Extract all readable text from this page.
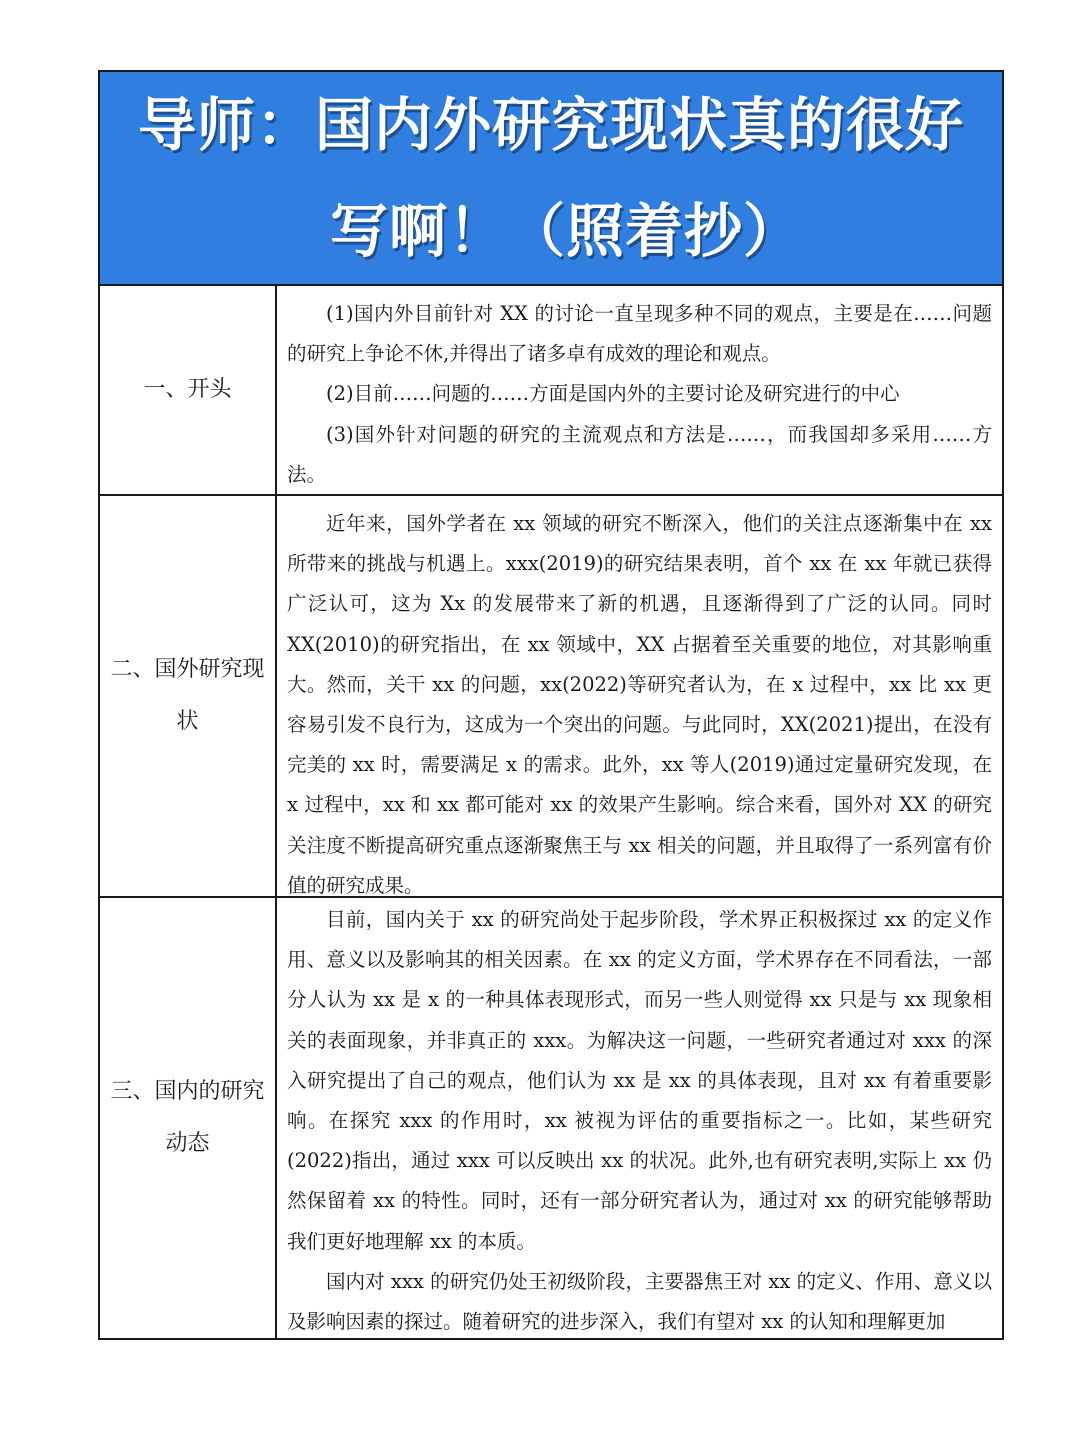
导师：国内外研究现状真的很好
写啊！（照着抄）
一、开头

(1)国内外目前针对 XX 的讨论一直呈现多种不同的观点，主要是在……问题的研究上争论不休,并得出了诸多卓有成效的理论和观点。

(2)目前……问题的……方面是国内外的主要讨论及研究进行的中心

(3)国外针对问题的研究的主流观点和方法是……，而我国却多采用……方法。

二、国外研究现状

近年来，国外学者在 xx 领域的研究不断深入，他们的关注点逐渐集中在 xx 所带来的挑战与机遇上。xxx(2019)的研究结果表明，首个 xx 在 xx 年就已获得广泛认可，这为 Xx 的发展带来了新的机遇，且逐渐得到了广泛的认同。同时 XX(2010)的研究指出，在 xx 领域中，XX 占据着至关重要的地位，对其影响重大。然而，关干 xx 的问题，xx(2022)等研究者认为，在 x 过程中，xx 比 xx 更容易引发不良行为，这成为一个突出的问题。与此同时，XX(2021)提出，在没有完美的 xx 时，需要满足 x 的需求。此外，xx 等人(2019)通过定量研究发现，在 x 过程中，xx 和 xx 都可能对 xx 的效果产生影响。综合来看，国外对 XX 的研究关注度不断提高研究重点逐渐聚焦王与 xx 相关的问题，并且取得了一系列富有价值的研究成果。

三、国内的研究动态

目前，国内关于 xx 的研究尚处于起步阶段，学术界正积极探过 xx 的定义作用、意义以及影响其的相关因素。在 xx 的定义方面，学术界存在不同看法，一部分人认为 xx 是 x 的一种具体表现形式，而另一些人则觉得 xx 只是与 xx 现象相关的表面现象，并非真正的 xxx。为解决这一问题，一些研究者通过对 xxx 的深入研究提出了自己的观点，他们认为 xx 是 xx 的具体表现，且对 xx 有着重要影响。在探究 xxx 的作用时，xx 被视为评估的重要指标之一。比如，某些研究(2022)指出，通过 xxx 可以反映出 xx 的状况。此外,也有研究表明,实际上 xx 仍然保留着 xx 的特性。同时，还有一部分研究者认为，通过对 xx 的研究能够帮助我们更好地理解 xx 的本质。

国内对 xxx 的研究仍处王初级阶段，主要器焦王对 xx 的定义、作用、意义以及影响因素的探过。随着研究的进步深入，我们有望对 xx 的认知和理解更加
